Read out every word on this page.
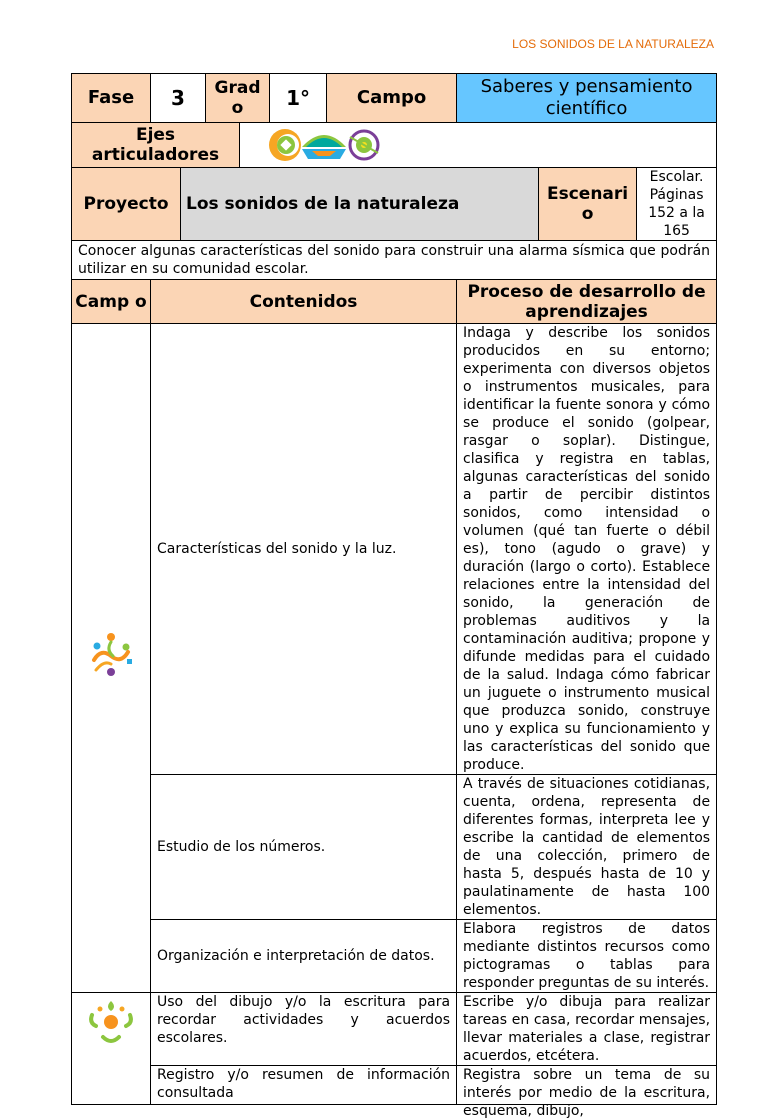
LOS SONIDOS DE LA NATURALEZA
Fase	3		Grad o		1°	Campo	Saberes y pensamiento científico		
Ejes articuladores	

Proyecto		Los sonidos de la naturaleza						Escenari o	Escolar. Páginas 152 a la 165
Conocer algunas características del sonido para construir una alarma sísmica que podrán utilizar en su comunidad escolar.									
Camp o	Contenidos						Proceso de desarrollo de aprendizajes		
	Características del sonido y la luz.						Indaga y describe los sonidos producidos en su entorno; experimenta con diversos objetos o instrumentos musicales, para identificar la fuente sonora y cómo se produce el sonido (golpear, rasgar o soplar). Distingue, clasifica y registra en tablas, algunas características del sonido a partir de percibir distintos sonidos, como intensidad o volumen (qué tan fuerte o débil es), tono (agudo o grave) y duración (largo o corto). Establece relaciones entre la intensidad del sonido, la generación de problemas auditivos y la contaminación auditiva; propone y difunde medidas para el cuidado de la salud. Indaga cómo fabricar un juguete o instrumento musical que produzca sonido, construye uno y explica su funcionamiento y las características del sonido que produce.		
	Estudio de los números.						A través de situaciones cotidianas, cuenta, ordena, representa de diferentes formas, interpreta lee y escribe la cantidad de elementos de una colección, primero de hasta 5, después hasta de 10 y paulatinamente de hasta 100 elementos.		
	Organización e interpretación de datos.						Elabora registros de datos mediante distintos recursos como pictogramas o tablas para responder preguntas de su interés.		
	Uso del dibujo y/o la escritura para recordar actividades y acuerdos escolares.						Escribe y/o dibuja para realizar tareas en casa, recordar mensajes, llevar materiales a clase, registrar acuerdos, etcétera.		

	Registro y/o resumen de información consultada						Registra sobre un tema de su interés por medio de la escritura, esquema, dibujo,		
